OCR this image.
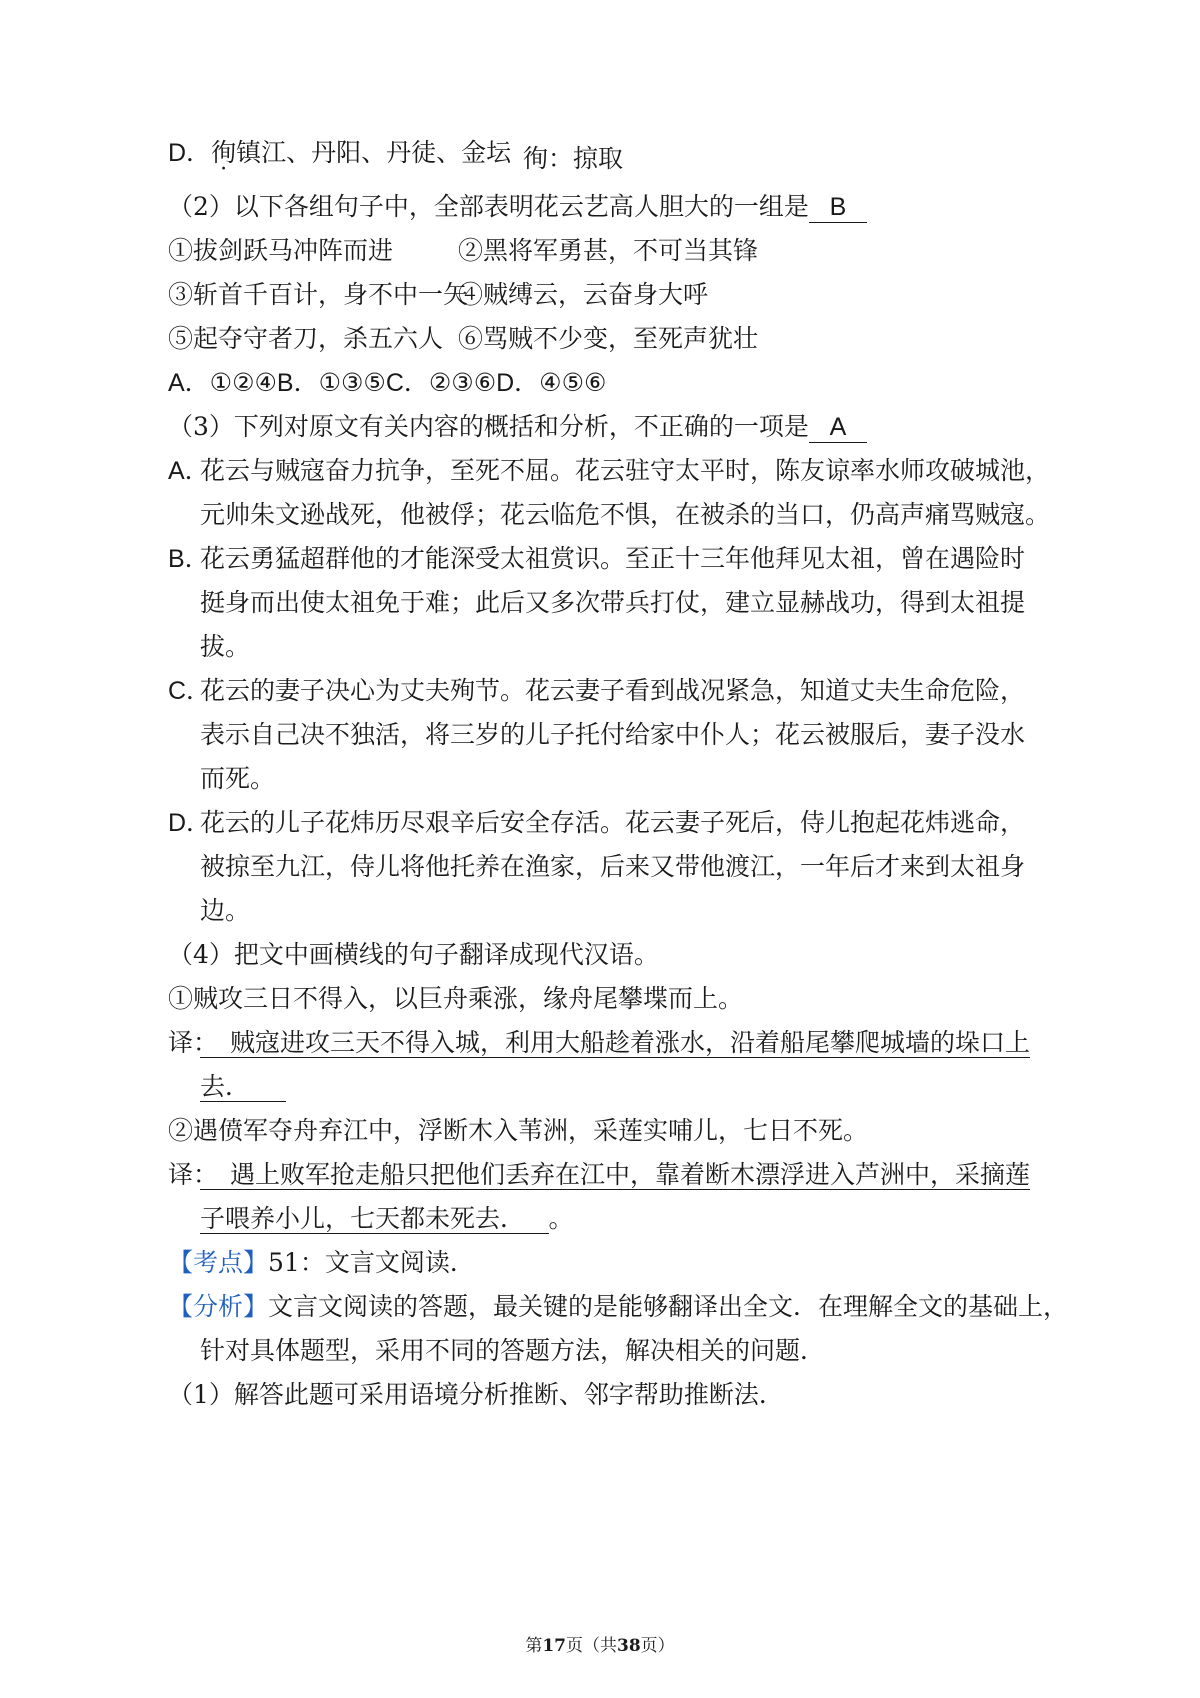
D．徇镇江、丹阳、丹徒、金坛 徇：掠取
（2）以下各组句子中，全部表明花云艺高人胆大的一组是 B
①拔剑跃马冲阵而进	②黑将军勇甚，不可当其锋
③斩首千百计，身不中一矢
④贼缚云，云奋身大呼
⑤起夺守者刀，杀五六人 ⑥骂贼不少变，至死声犹壮
A．①②④B．①③⑤C．②③⑥D．④⑤⑥
（3）下列对原文有关内容的概括和分析，不正确的一项是 A
A．
花云与贼寇奋力抗争，至死不屈。花云驻守太平时，陈友谅率水师攻破城池，
元帅朱文逊战死，他被俘；花云临危不惧，在被杀的当口，仍高声痛骂贼寇。
B．
花云勇猛超群他的才能深受太祖赏识。至正十三年他拜见太祖，曾在遇险时
挺身而出使太祖免于难；此后又多次带兵打仗，建立显赫战功，得到太祖提
拔。
C．
花云的妻子决心为丈夫殉节。花云妻子看到战况紧急，知道丈夫生命危险，
表示自己决不独活，将三岁的儿子托付给家中仆人；花云被服后，妻子没水
而死。
D．
花云的儿子花炜历尽艰辛后安全存活。花云妻子死后，侍儿抱起花炜逃命，
被掠至九江，侍儿将他托养在渔家，后来又带他渡江，一年后才来到太祖身
边。
（4）把文中画横线的句子翻译成现代汉语。
①贼攻三日不得入，以巨舟乘涨，缘舟尾攀堞而上。
译： 贼寇进攻三天不得入城，利用大船趁着涨水，沿着船尾攀爬城墙的垛口上
去．
②遇偾军夺舟弃江中，浮断木入苇洲，采莲实哺儿，七日不死。
译： 遇上败军抢走船只把他们丢弃在江中，靠着断木漂浮进入芦洲中，采摘莲
子喂养小儿，七天都未死去． 。
【考点】51：文言文阅读．
【分析】文言文阅读的答题，最关键的是能够翻译出全文．在理解全文的基础上，
针对具体题型，采用不同的答题方法，解决相关的问题．
（1）解答此题可采用语境分析推断、邻字帮助推断法．
第17页（共38页）
